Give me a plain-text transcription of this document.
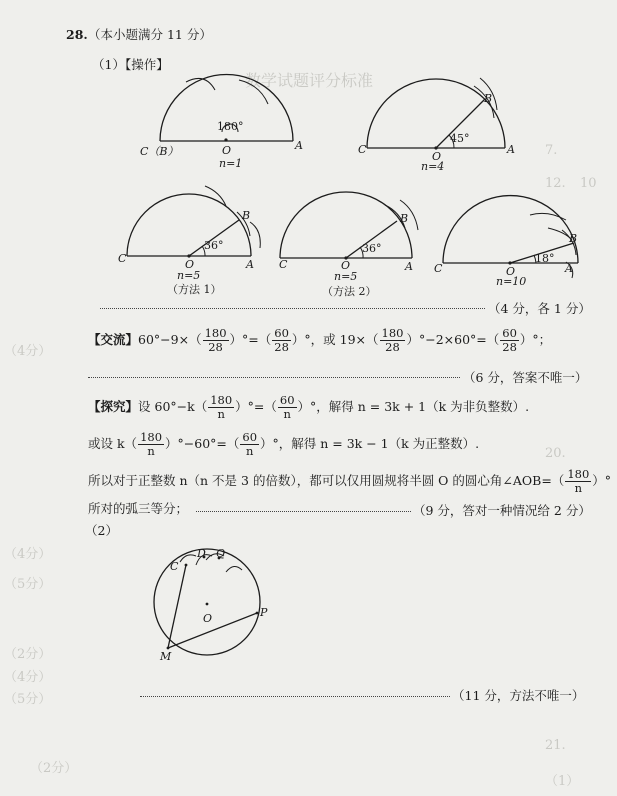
（4分）
（5分）
（4分）
（2分）
（4分）
（5分）
（2分）
21.
（1）
10
12.
7.
20.
数学试题评分标准
28. （本小题满分 11 分）
（1）【操作】
C（B）	O	A
180°
n=1
C
O
A
B
45°
n=4
C	O	A
B
36°
n=5
（方法 1）
C	O	A
B
36°
n=5
（方法 2）
C	O	A
B
18°
n=10
（4 分，各 1 分）
【交流】$60^\circ-9\times( \frac{180}{28}$ ）°=（ $\frac{60}{28}$ ）°，或 $19\times( \frac{180}{28} )^\circ-2\times 60^\circ=( \frac{60}{28}$ ）°；
（6 分，答案不唯一）
【探究】设 $60^\circ-k( \frac{180}{n}$ ）°=（ $\frac{60}{n}$ ）°，解得 n = 3k + 1（k 为非负整数）.
或设 $k( \frac{180}{n} )^\circ-60^\circ=( \frac{60}{n}$ ）°，解得 n = 3k − 1（k 为正整数）.
所以对于正整数 n（n 不是 3 的倍数），都可以仅用圆规将半圆 O 的圆心角∠AOB=（ $\frac{180}{n}$ ）°
所对的弧三等分；	（9 分，答对一种情况给 2 分）
（2）
C
D Q
O	P
M
（11 分，方法不唯一）
